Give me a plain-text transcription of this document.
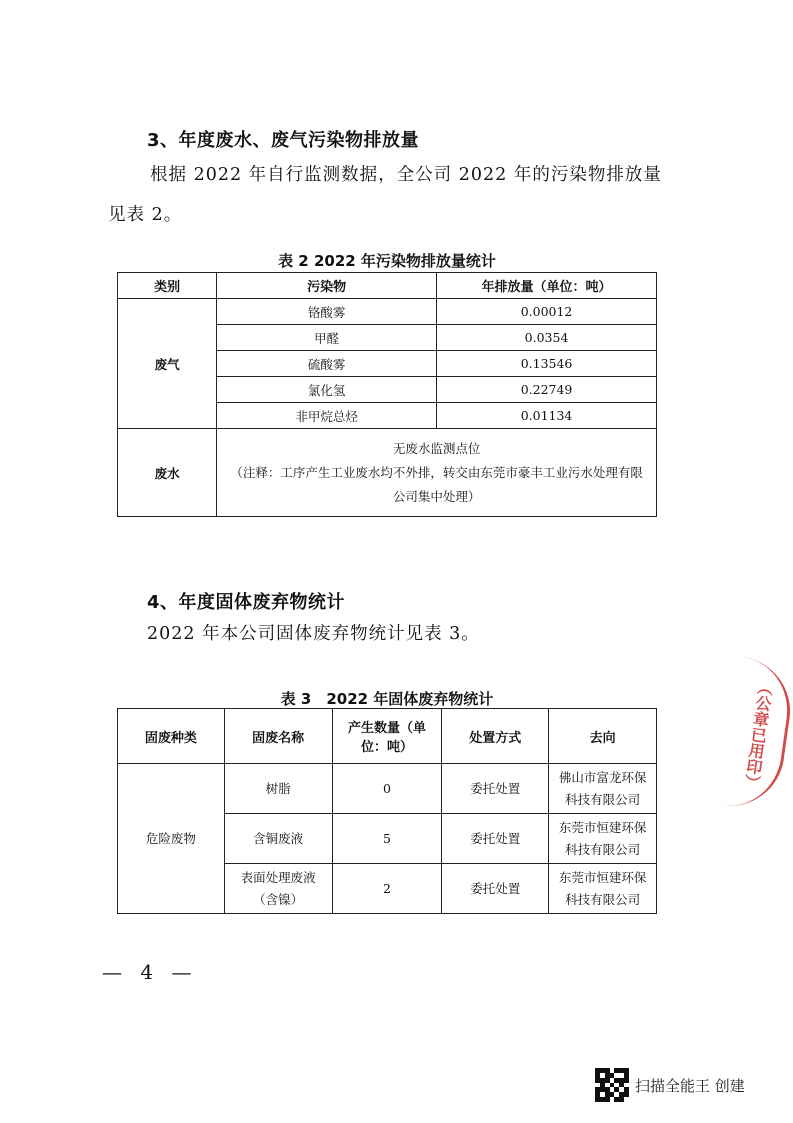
3、年度废水、废气污染物排放量
根据 2022 年自行监测数据，全公司 2022 年的污染物排放量
见表 2。
表 2 2022 年污染物排放量统计
类别	污染物	年排放量（单位：吨）
废气	铬酸雾	0.00012
	甲醛	0.0354
	硫酸雾	0.13546
	氯化氢	0.22749
	非甲烷总烃	0.01134
废水	无废水监测点位
（注释：工序产生工业废水均不外排，转交由东莞市豪丰工业污水处理有限
公司集中处理）	
4、年度固体废弃物统计
2022 年本公司固体废弃物统计见表 3。
表 3　2022 年固体废弃物统计
固废种类	固废名称	产生数量（单位：吨）	处置方式	去向
危险废物	树脂	0	委托处置	佛山市富龙环保科技有限公司
	含铜废液	5	委托处置	东莞市恒建环保科技有限公司
	表面处理废液（含镍）	2	委托处置	东莞市恒建环保科技有限公司
— 4 —
（公章已用印）
扫描全能王 创建
